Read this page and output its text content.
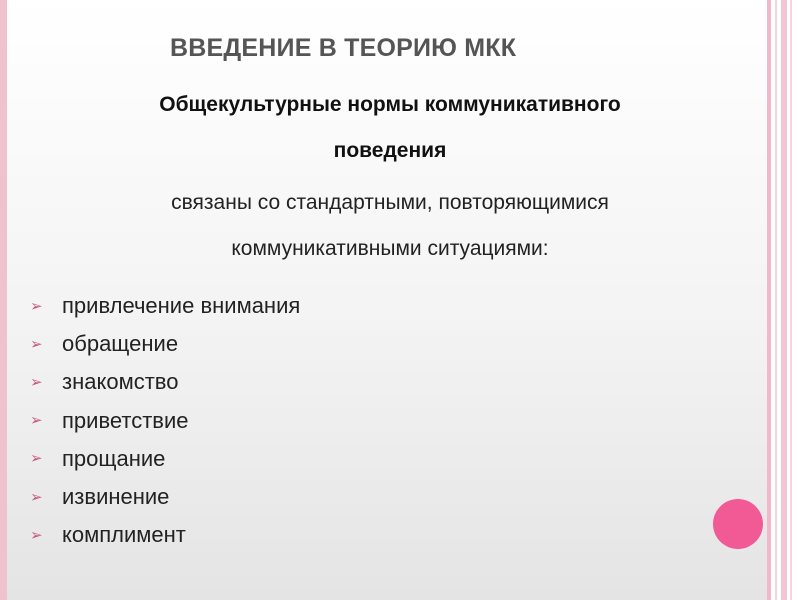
ВВЕДЕНИЕ В ТЕОРИЮ МКК
Общекультурные нормы коммуникативного
поведения
связаны со стандартными, повторяющимися
коммуникативными ситуациями:
➢ привлечение внимания
➢ обращение
➢ знакомство
➢ приветствие
➢ прощание
➢ извинение
➢ комплимент
